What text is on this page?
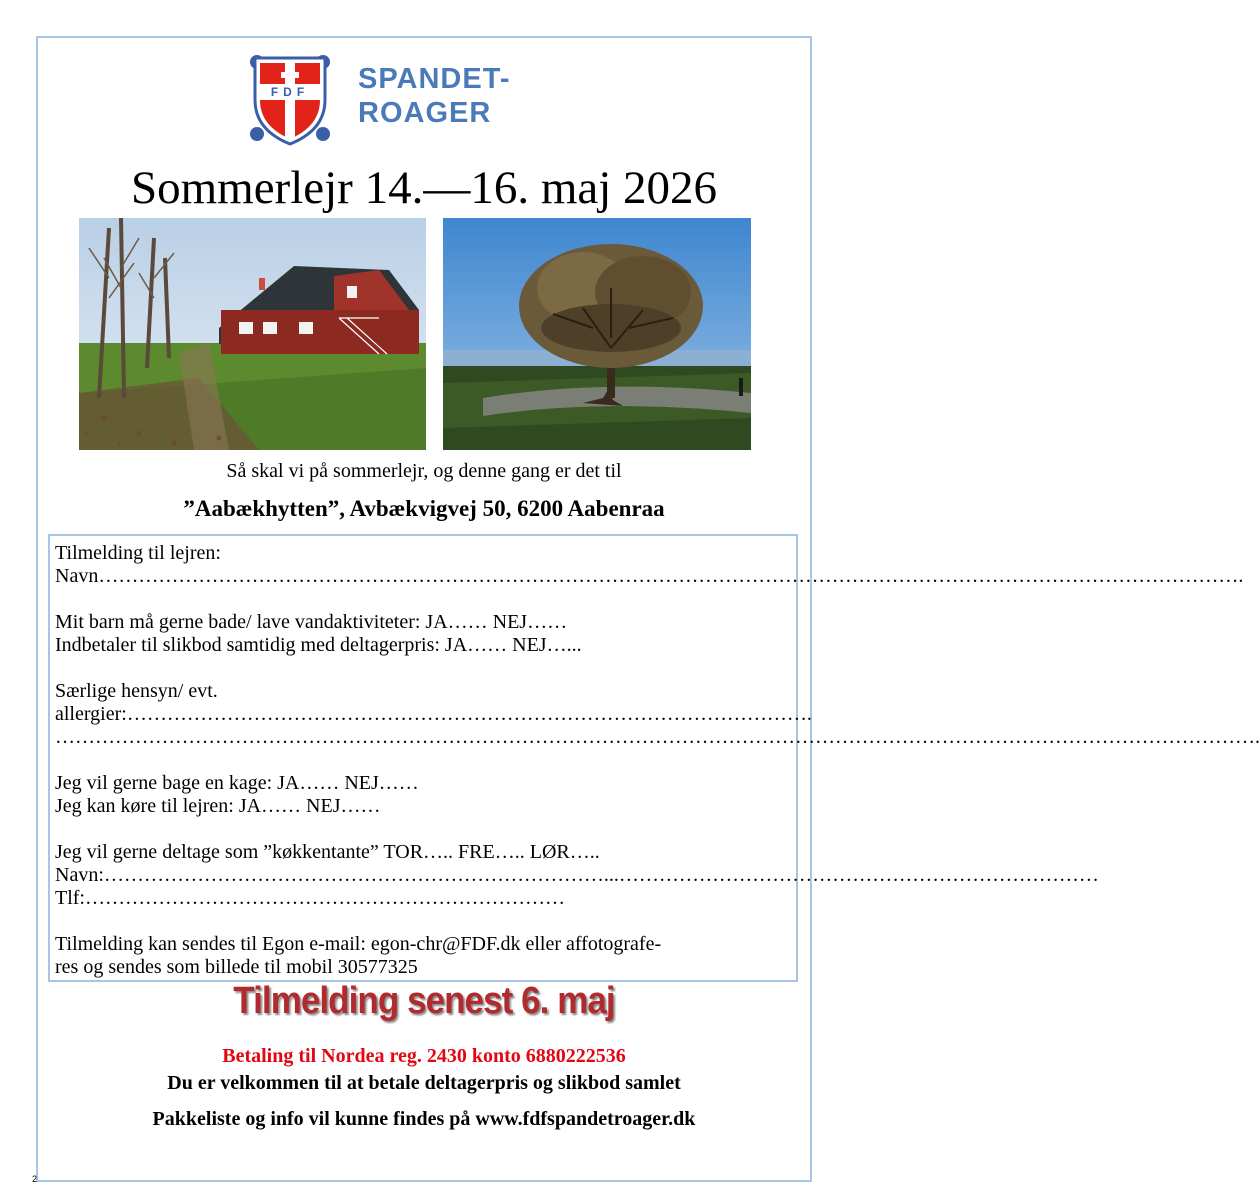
FDF SPANDET-
ROAGER
Sommerlejr 14.—16. maj 2026
Så skal vi på sommerlejr, og denne gang er det til
”Aabækhytten”, Avbækvigvej 50, 6200 Aabenraa
Tilmelding til lejren:
Navn……………………………………………………………………………………………………………………………………………………….
Mit barn må gerne bade/ lave vandaktiviteter: JA…… NEJ……
Indbetaler til slikbod samtidig med deltagerpris: JA…… NEJ…...
Særlige hensyn/ evt. allergier:………………………………………………………………………………………….
……………………………………………………………………………………………………………………………………………………………….
Jeg vil gerne bage en kage: JA…… NEJ……
Jeg kan køre til lejren: JA…… NEJ……
Jeg vil gerne deltage som ”køkkentante” TOR….. FRE….. LØR…..
Navn:…………………………………………………………………...………………………………………………………………Tlf:………………………………………………………………
Tilmelding kan sendes til Egon e-mail: egon-chr@FDF.dk eller affotografe-
res og sendes som billede til mobil 30577325
Tilmelding senest 6. maj
Betaling til Nordea reg. 2430 konto 6880222536
Du er velkommen til at betale deltagerpris og slikbod samlet
Pakkeliste og info vil kunne findes på www.fdfspandetroager.dk
2
